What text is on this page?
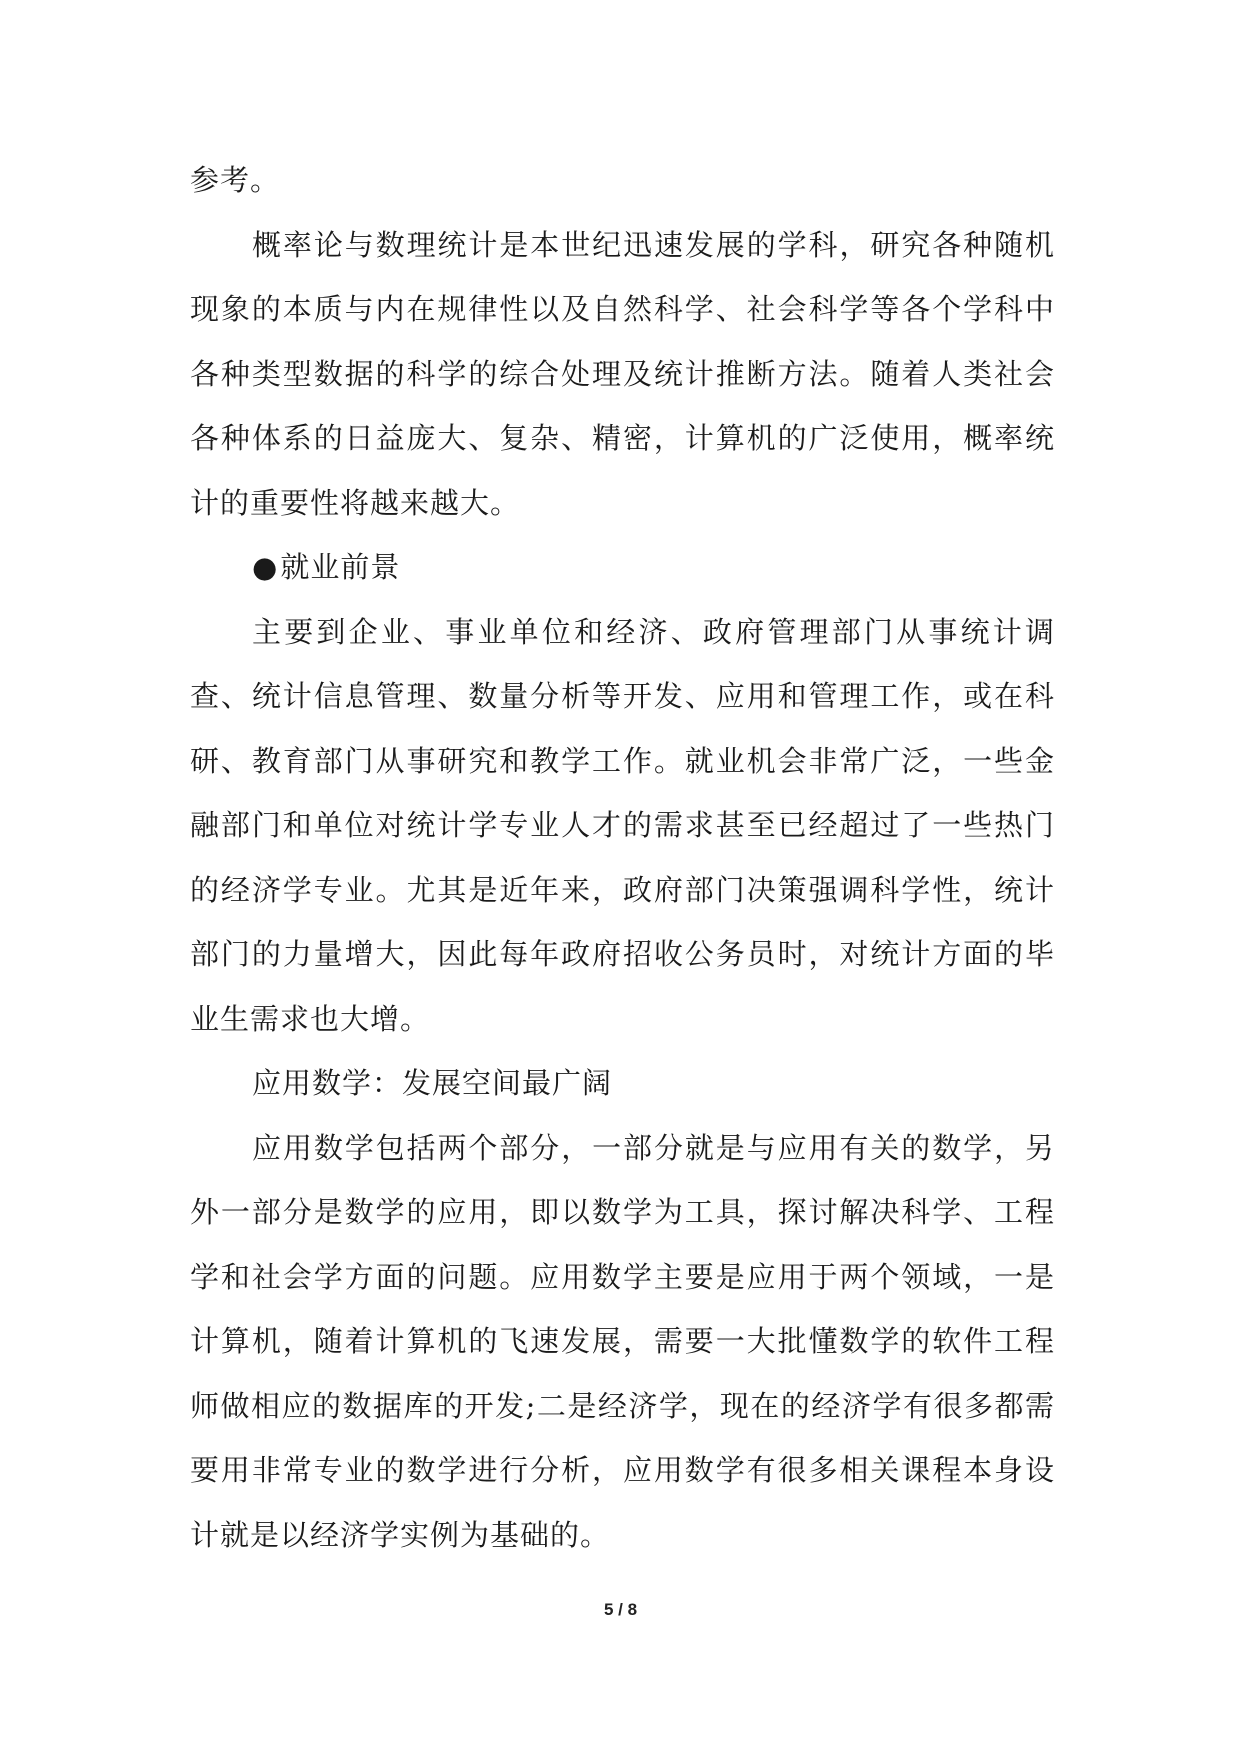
参考。

概率论与数理统计是本世纪迅速发展的学科，研究各种随机现象的本质与内在规律性以及自然科学、社会科学等各个学科中各种类型数据的科学的综合处理及统计推断方法。随着人类社会各种体系的日益庞大、复杂、精密，计算机的广泛使用，概率统计的重要性将越来越大。

●就业前景

主要到企业、事业单位和经济、政府管理部门从事统计调查、统计信息管理、数量分析等开发、应用和管理工作，或在科研、教育部门从事研究和教学工作。就业机会非常广泛，一些金融部门和单位对统计学专业人才的需求甚至已经超过了一些热门的经济学专业。尤其是近年来，政府部门决策强调科学性，统计部门的力量增大，因此每年政府招收公务员时，对统计方面的毕业生需求也大增。

应用数学：发展空间最广阔

应用数学包括两个部分，一部分就是与应用有关的数学，另外一部分是数学的应用，即以数学为工具，探讨解决科学、工程学和社会学方面的问题。应用数学主要是应用于两个领域，一是计算机，随着计算机的飞速发展，需要一大批懂数学的软件工程师做相应的数据库的开发;二是经济学，现在的经济学有很多都需要用非常专业的数学进行分析，应用数学有很多相关课程本身设计就是以经济学实例为基础的。

5 / 8
